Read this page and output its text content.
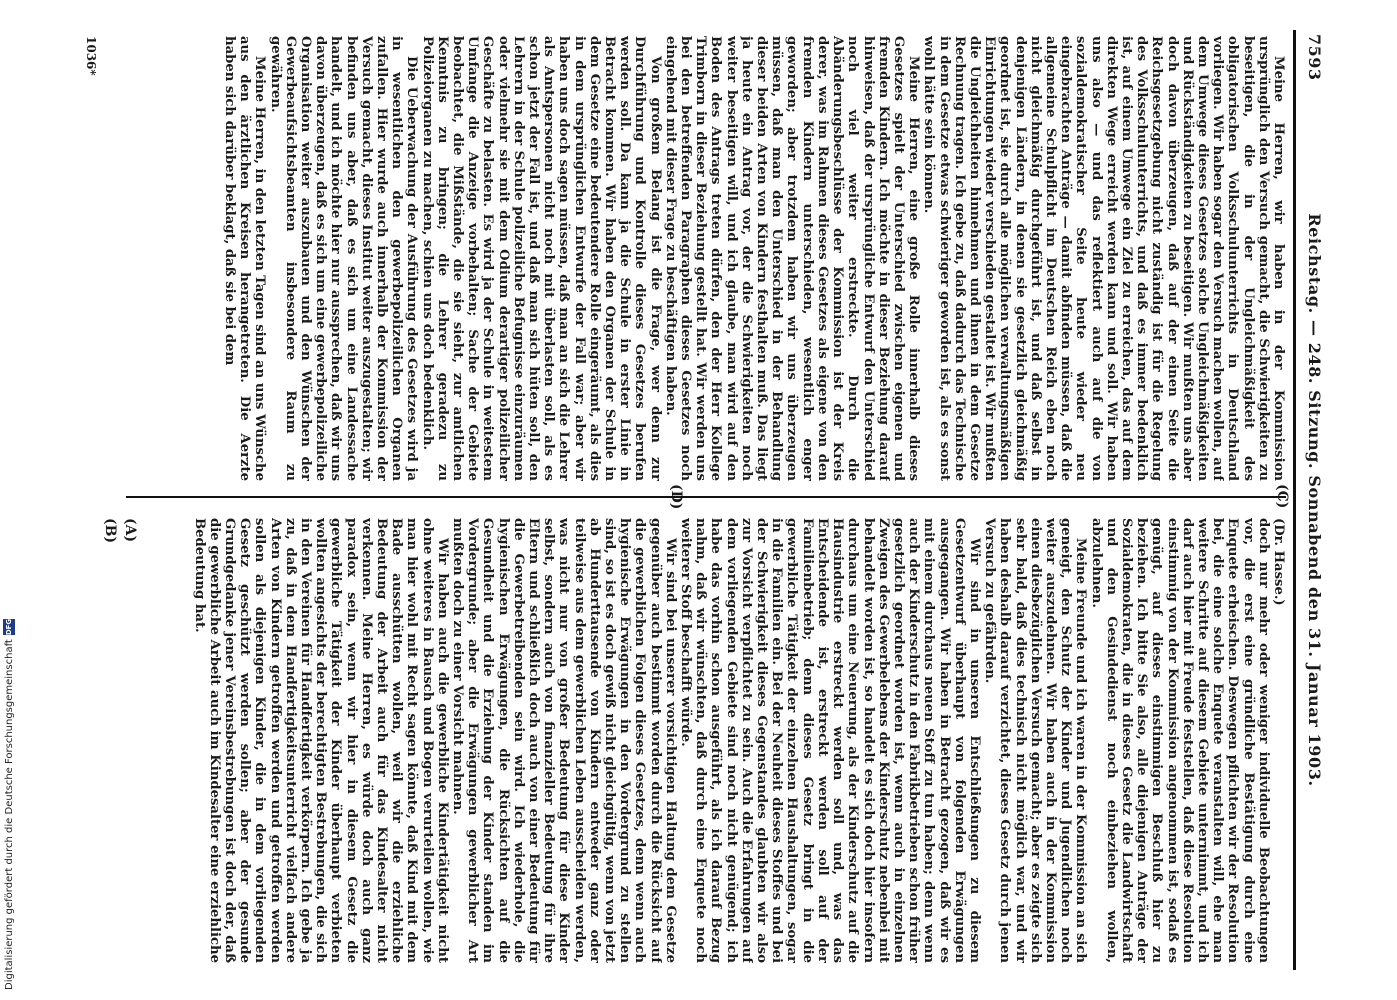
7593
Reichstag. — 248. Sitzung. Sonnabend den 31. Januar 1903.
(C)
(D)

Meine Herren, wir haben in der Kommission ursprünglich den Versuch gemacht, die Schwierigkeiten zu beseitigen, die in der Ungleichmäßigkeit des obligatorischen Volksschulunterrichts in Deutschland vorliegen. Wir haben sogar den Versuch machen wollen, auf dem Umwege dieses Gesetzes solche Ungleichmäßigkeiten und Rückständigkeiten zu beseitigen. Wir mußten uns aber doch davon überzeugen, daß auf der einen Seite die Reichsgesetzgebung nicht zuständig ist für die Regelung des Volksschulunterrichts, und daß es immer bedenklich ist, auf einem Umwege ein Ziel zu erreichen, das auf dem direkten Wege erreicht werden kann und soll. Wir haben uns also — und das reflektiert auch auf die von sozialdemokratischer Seite heute wieder neu eingebrachten Anträge — damit abfinden müssen, daß die allgemeine Schulpflicht im Deutschen Reich eben noch nicht gleichmäßig durchgeführt ist, und daß selbst in denjenigen Ländern, in denen sie gesetzlich gleichmäßig geordnet ist, sie durch alle möglichen verwaltungsmäßigen Einrichtungen wieder verschieden gestaltet ist. Wir mußten die Ungleichheiten hinnehmen und ihnen in dem Gesetze Rechnung tragen. Ich gebe zu, daß dadurch das Technische in dem Gesetze etwas schwieriger geworden ist, als es sonst wohl hätte sein können.

Meine Herren, eine große Rolle innerhalb dieses Gesetzes spielt der Unterschied zwischen eigenen und fremden Kindern. Ich möchte in dieser Beziehung darauf hinweisen, daß der ursprüngliche Entwurf den Unterschied noch viel weiter erstreckte. Durch die Abänderungsbeschlüsse der Kommission ist der Kreis derer, was im Rahmen dieses Gesetzes als eigene von den fremden Kindern unterschieden, wesentlich enger geworden; aber trotzdem haben wir uns überzeugen müssen, daß man den Unterschied in der Behandlung dieser beiden Arten von Kindern festhalten muß. Das liegt ja heute ein Antrag vor, der die Schwierigkeiten noch weiter beseitigen will, und ich glaube, man wird auf den Boden des Antrags treten dürfen, den der Herr Kollege Trimborn in dieser Beziehung gestellt hat. Wir werden uns bei den betreffenden Paragraphen dieses Gesetzes noch eingehend mit dieser Frage zu beschäftigen haben.

Von großem Belang ist die Frage, wer denn zur Durchführung und Kontrolle dieses Gesetzes berufen werden soll. Da kann ja die Schule in erster Linie in Betracht kommen. Wir haben den Organen der Schule in dem Gesetze eine bedeutendere Rolle eingeräumt, als dies in dem ursprünglichen Entwurfe der Fall war; aber wir haben uns doch sagen müssen, daß man an sich die Lehrer als Amtspersonen nicht noch mit überlasten soll, als es schon jetzt der Fall ist, und daß man sich hüten soll, den Lehrern in der Schule polizeiliche Befugnisse einzuräumen oder vielmehr sie mit dem Odium derartiger polizeilicher Geschäfte zu belasten. Es wird ja der Schule in weitestem Umfange die Anzeige vorbehalten; Sache der Gebiete beobachtet, die Mißstände, die sie sieht, zur amtlichen Kenntnis zu bringen; die Lehrer geradezu zu Polizeiorganen zu machen, schien uns doch bedenklich.

Die Ueberwachung der Ausführung des Gesetzes wird ja in wesentlichen den gewerbepolizeilichen Organen zufallen. Hier wurde auch innerhalb der Kommission der Versuch gemacht, dieses Institut weiter auszugestalten; wir befinden uns aber, daß es sich um eine Landessache handelt, und ich möchte hier nur aussprechen, daß wir uns davon überzeugen, daß es sich um eine gewerbepolizeiliche Organisation weiter auszubauen und den Wünschen der Gewerbeaufsichtsbeamten insbesondere Raum zu gewähren.

Meine Herren, in den letzten Tagen sind an uns Wünsche aus den ärztlichen Kreisen herangetreten. Die Aerzte haben sich darüber beklagt, daß sie bei dem

(Dr. Hasse.)

doch nur mehr oder weniger individuelle Beobachtungen vor, die erst eine gründliche Bestätigung durch eine Enquete erheischen. Deswegen pflichten wir der Resolution bei, die eine solche Enquete veranstalten will, ehe man weitere Schritte auf diesem Gebiete unternimmt, und ich darf auch hier mit Freude feststellen, daß diese Resolution einstimmig von der Kommission angenommen ist, sodaß es genügt, auf dieses einstimmigen Beschluß hier zu beziehen. Ich bitte Sie also, alle diejenigen Anträge der Sozialdemokraten, die in dieses Gesetz die Landwirtschaft und den Gesindedienst noch einbeziehen wollen, abzulehnen.

Meine Freunde und ich waren in der Kommission an sich geneigt, den Schutz der Kinder und Jugendlichen noch weiter auszudehnen. Wir haben auch in der Kommission einen diesbezüglichen Versuch gemacht; aber es zeigte sich sehr bald, daß dies technisch nicht möglich war, und wir haben deshalb darauf verzichtet, dieses Gesetz durch jenen Versuch zu gefährden.

Wir sind in unseren Entschließungen zu diesem Gesetzentwurf überhaupt von folgenden Erwägungen ausgegangen. Wir haben in Betracht gezogen, daß wir es mit einem durchaus neuen Stoff zu tun haben; denn wenn auch der Kinderschutz in den Fabrikbetrieben schon früher gesetzlich geordnet worden ist, wenn auch in einzelnen Zweigen des Gewerbelebens der Kinderschutz nebenbei mit behandelt worden ist, so handelt es sich doch hier insofern durchaus um eine Neuerung, als der Kinderschutz auf die Hausindustrie erstreckt werden soll und, was das Entscheidende ist, erstreckt werden soll auf der Familienbetrieb; denn dieses Gesetz bringt in die gewerbliche Tätigkeit der einzelnen Haushaltungen, sogar in die Familien ein. Bei der Neuheit dieses Stoffes und bei der Schwierigkeit dieses Gegenstandes glaubten wir also zur Vorsicht verpflichtet zu sein. Auch die Erfahrungen auf dem vorliegenden Gebiete sind noch nicht genügend; ich habe das vorhin schon ausgeführt, als ich darauf Bezug nahm, daß wir wünschten, daß durch eine Enquete noch weiterer Stoff beschafft würde.

Wir sind bei unserer vorsichtigen Haltung dem Gesetze gegenüber auch bestimmt worden durch die Rücksicht auf die gewerblichen Folgen dieses Gesetzes, denn wenn auch hygienische Erwägungen in den Vordergrund zu stellen sind, so ist es doch gewiß nicht gleichgültig, wenn von jetzt ab Hunderttausende von Kindern entweder ganz oder teilweise aus dem gewerblichen Leben ausscheiden werden, was nicht nur von großer Bedeutung für diese Kinder selbst, sondern auch von finanzieller Bedeutung für ihre Eltern und schließlich doch auch von einer Bedeutung für die Gewerbetreibenden sein wird. Ich wiederhole, die hygienischen Erwägungen, die Rücksichten auf die Gesundheit und die Erziehung der Kinder standen im Vordergrunde; aber die Erwägungen gewerblicher Art mußten doch zu einer Vorsicht mahnen.

Wir haben auch die gewerbliche Kindertätigkeit nicht ohne weiteres in Bausch und Bogen verurteilen wollen, wie man hier wohl mit Recht sagen könnte, daß Kind mit dem Bade ausschütten wollen, weil wir die erziehliche Bedeutung der Arbeit auch für das Kindesalter nicht verkennen. Meine Herren, es würde doch auch ganz paradox sein, wenn wir hier in diesem Gesetz die gewerbliche Tätigkeit der Kinder überhaupt verbieten wollten angesichts der berechtigten Bestrebungen, die sich in den Vereinen für Handfertigkeit verkörpern. Ich gebe ja zu, daß in dem Handfertigkeitsunterricht vielfach andere Arten von Kindern getroffen werden und getroffen werden sollen als diejenigen Kinder, die in dem vorliegenden Gesetz geschützt werden sollen; aber der gesunde Grundgedanke jener Vereinsbestrebungen ist doch der, daß die gewerbliche Arbeit auch im Kindesalter eine erziehliche Bedeutung hat.

(A)
(B)
1036*
Digitalisierung gefördert durch die Deutsche Forschungsgemeinschaft
DFG
